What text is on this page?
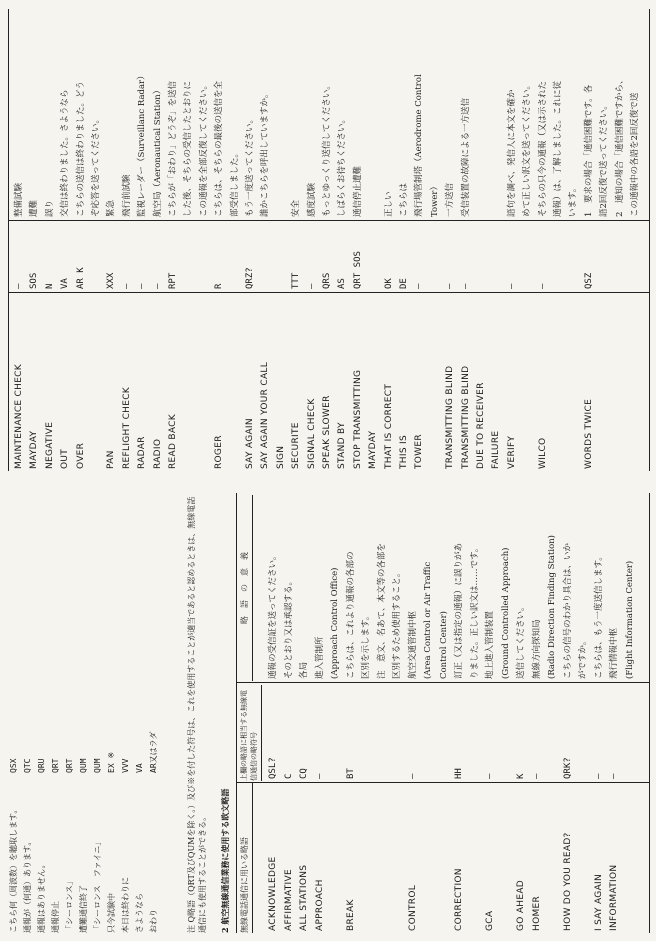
こちら何（周波数）を聴取します。 通報が（何通）あります。 通報はありません。 通報停止 「シーロンス」 遭難通信終了 「シーロンス　ファイニ」 只今試験中 本日は終わりに さようなら おわり
QSX QTC QRU QRT QRT QUM QUM EX ※ VVV VA AR又はラダ
注 Q略語（QRT及びQUMを除く。）及び※を付した符号は、これを使用することが適当であると認めるときは、無線電話通信にも使用することができる。 2 航空無線通信業務に使用する欧文略語 無線電話通信に用いる略語
上欄の略語に相当する無線電信通信の略符号
略　語　の　意　義
ACKNOWLEDGE
QSL?
通報の受信証を送ってください。
AFFIRMATIVE
C
そのとおり又は承認する。
ALL STATIONS
CQ
各局
APPROACH
—
進入管制所 (Approach Control Office)
BREAK
BT
こちらは、これより通報の各部の 区別を示します。 注　意文、名あて、本文等の各部を 区別するため使用すること。
CONTROL
—
航空交通管制中枢 (Area Control or Air Traffic Control Center)
CORRECTION
HH
訂正（又は指定の通報）に誤りがあ りました。正しい訳文は……です。
GCA
—
地上進入管制装置 (Ground Controlled Approach)
GO AHEAD
K
送信してください。
HOMER
—
無線方向探知局 (Radio Direction Finding Station)
HOW DO YOU READ?
QRK?
こちらの信号のわかり具合は、いか がですか。
I SAY AGAIN
—
こちらは、もう一度送信します。
INFORMATION
—
飛行情報中枢 (Flight Information Center)
MAINTENANCE CHECK
—
整備試験
MAYDAY
SOS
遭難
NEGATIVE
N
誤り
OUT
VA
交信は終わりました。さようなら
OVER
AR K
こちらの送信は終わりました。どう ぞ応答を送ってください。
PAN
XXX
緊急
REFLIGHT CHECK
—
飛行前試験
RADAR
—
監視レーダー（Surveillanc Radar）
RADIO
—
航空局（Aeronautical Station）
READ BACK
RPT
こちらが「おわり」どうぞ」を送信 した後、そちらの受信したとおりに この通報を全部反復してください。
ROGER
R
こちらは、そちらの最後の送信を全 部受信しました。
SAY AGAIN
QRZ?
もう一度送ってください。
SAY AGAIN YOUR CALL
誰かこちらを呼出していますか。
SIGN SECURITE
TTT
安全
SIGNAL CHECK
—
感度試験
SPEAK SLOWER
QRS
もっとゆっくり送信してください。
STAND BY
AS
しばらくお待ちください。
STOP TRANSMITTING
QRT SOS
通信停止遭難
MAYDAY THAT IS CORRECT
OK
正しい
THIS IS
DE
こちらは
TOWER
—
飛行場管制塔（Aerodrome Control Tower）
TRANSMITTING BLIND
—
一方送信
TRANSMITTING BLIND
—
受信装置の故障による一方送信
DUE TO RECEIVER FAILURE VERIFY
—
語句を調べ、発信人に本文を確か めて正しい訳文を送ってください。
WILCO
—
そちらの只今の通報（又は示された 通報）は、了解しました。これに従 います。
WORDS TWICE
QSZ
1　要求の場合「通信困難です。各 語2回反復で送ってください。 2　通知の場合「通信困難ですから、 この通報中の各語を2回反復で送
